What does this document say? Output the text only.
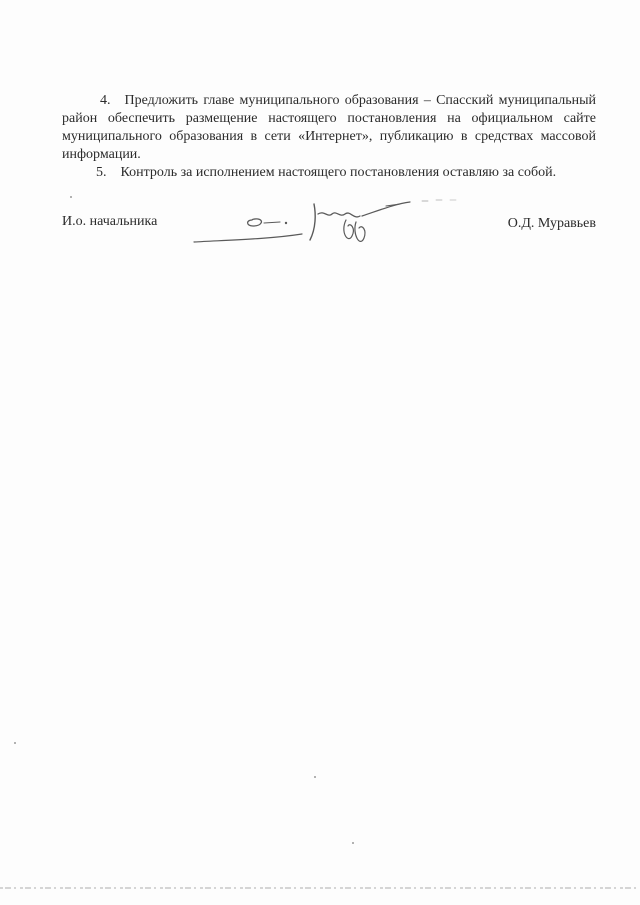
4. Предложить главе муниципального образования – Спасский муниципальный район обеспечить размещение настоящего постановления на официальном сайте муниципального образования в сети «Интернет», публикацию в средствах массовой информации.

5. Контроль за исполнением настоящего постановления оставляю за собой.

И.о. начальника	О.Д. Муравьев
